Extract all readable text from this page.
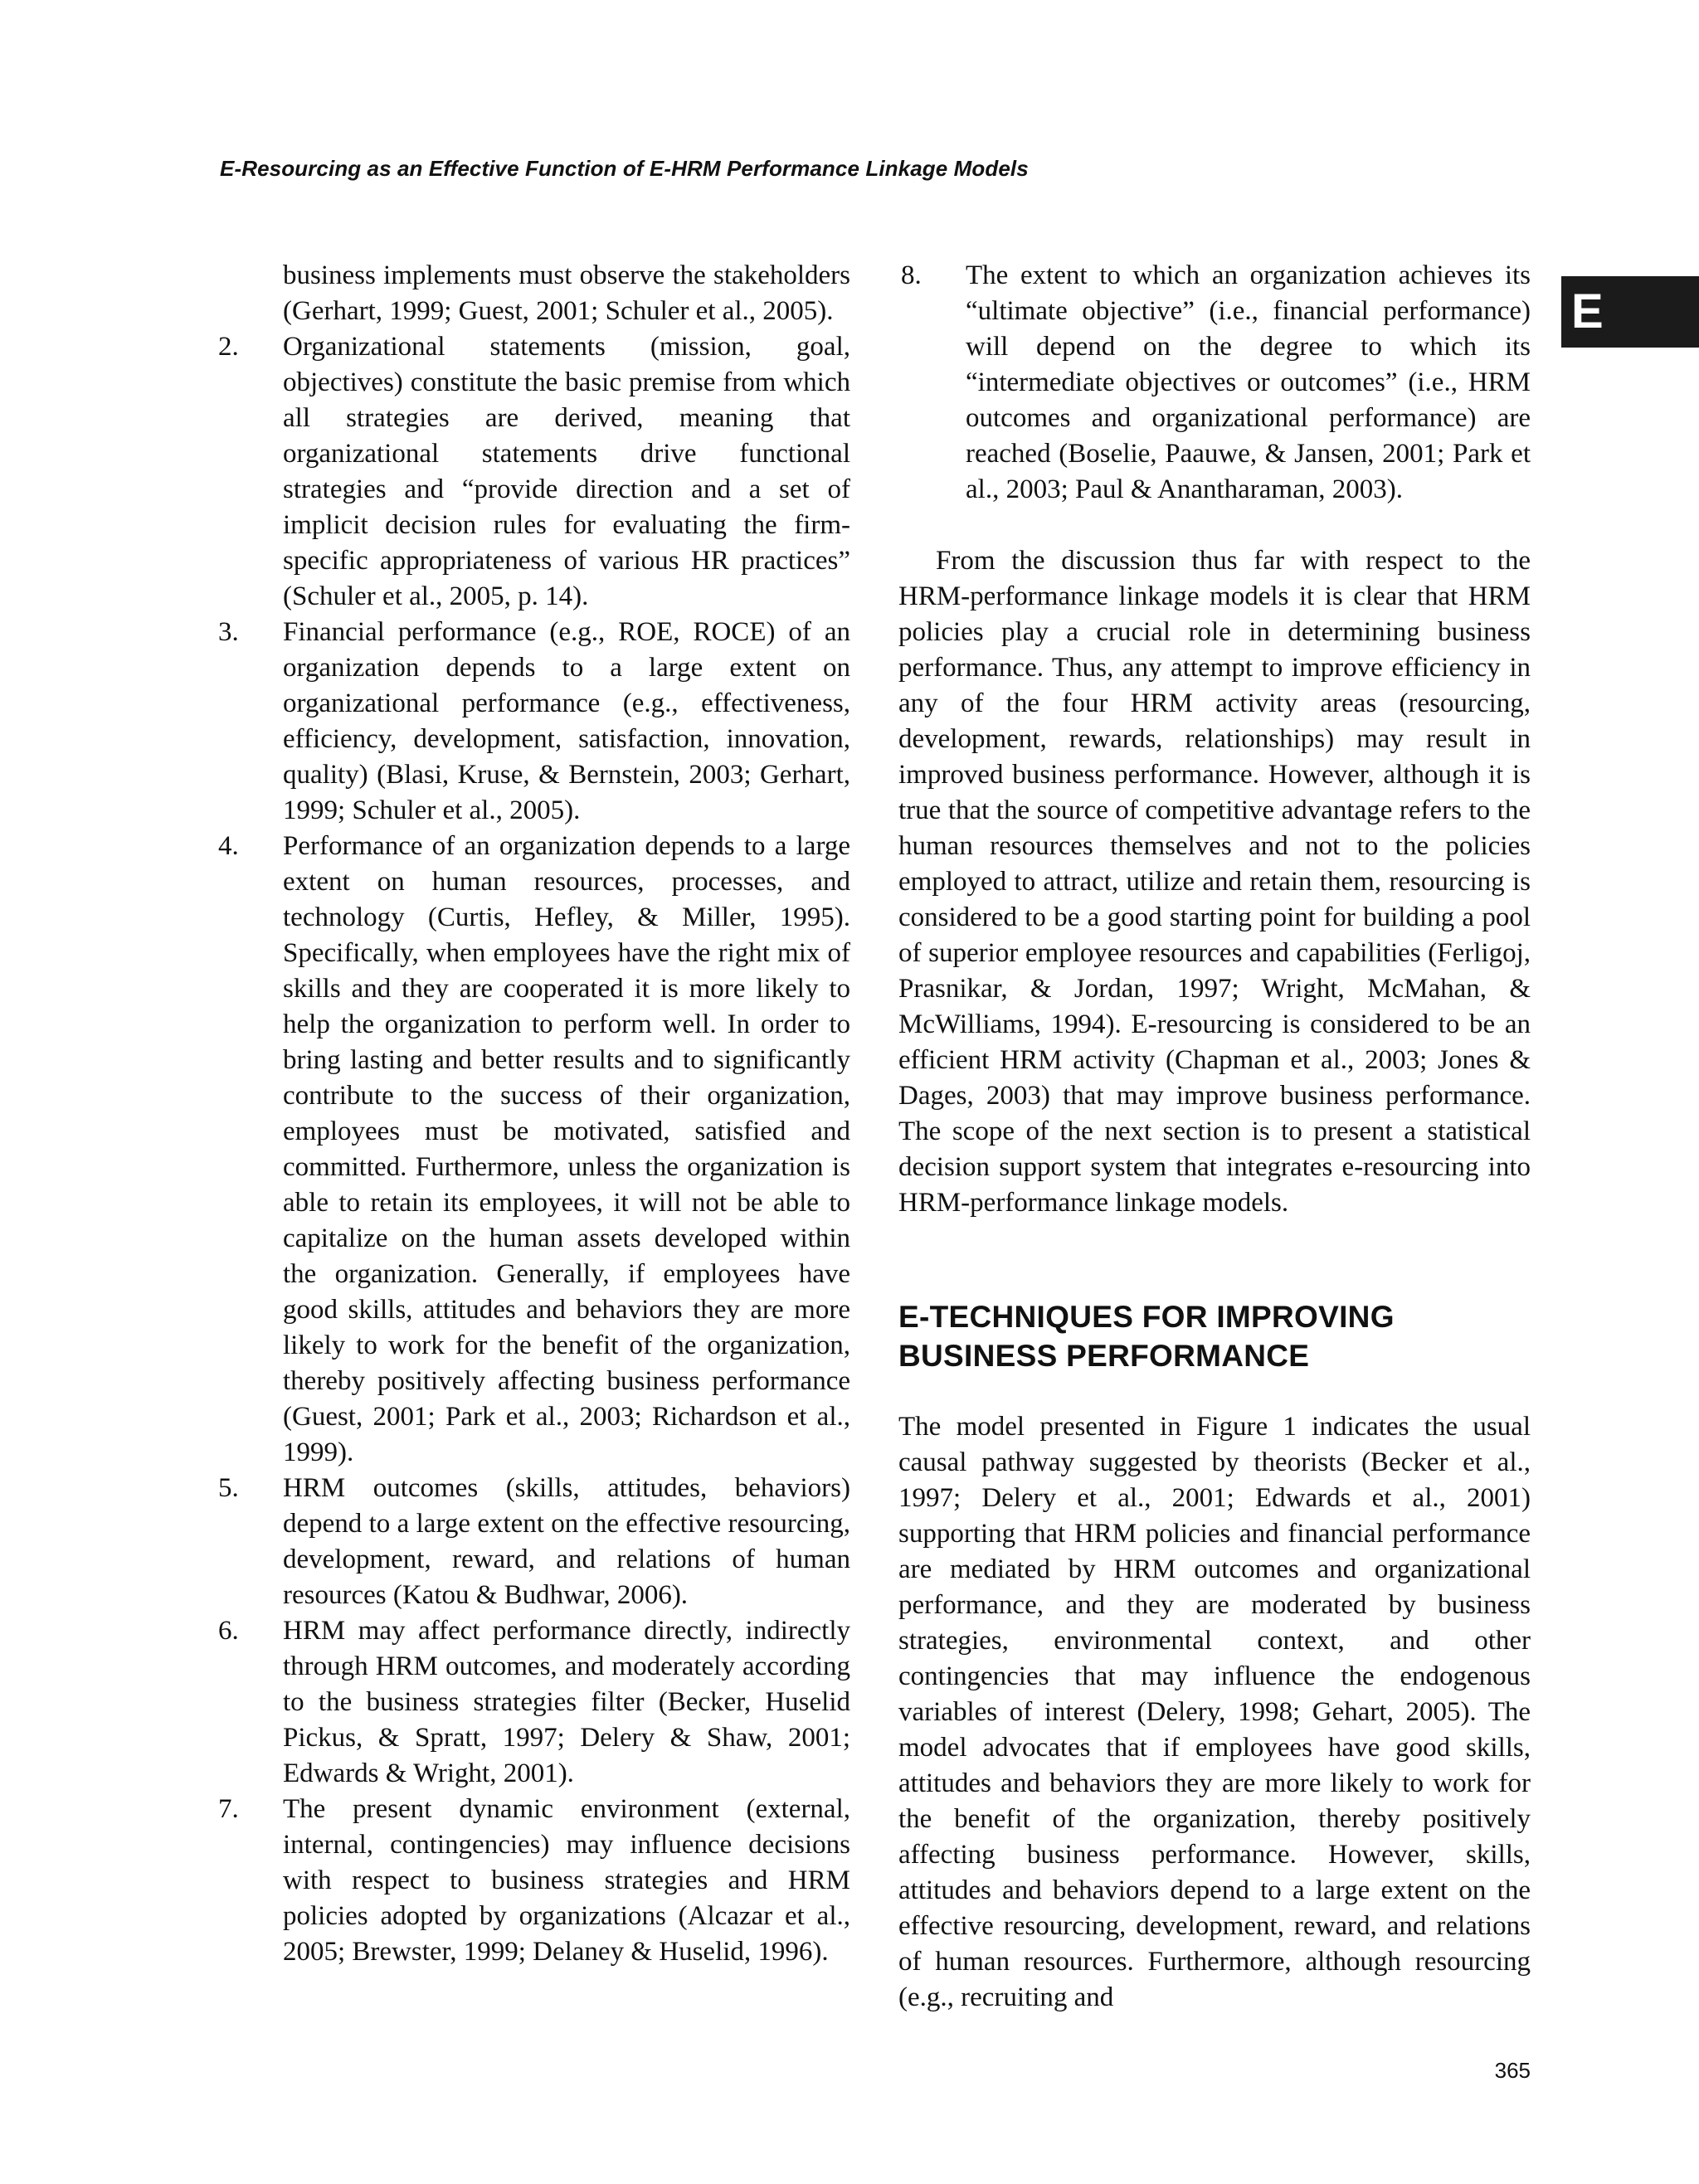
E-Resourcing as an Effective Function of E-HRM Performance Linkage Models
E
business implements must observe the stakeholders (Gerhart, 1999; Guest, 2001; Schuler et al., 2005).
2. Organizational statements (mission, goal, objectives) constitute the basic premise from which all strategies are derived, meaning that organizational statements drive functional strategies and “provide direction and a set of implicit decision rules for evaluating the firm-specific appropriateness of various HR practices” (Schuler et al., 2005, p. 14).
3. Financial performance (e.g., ROE, ROCE) of an organization depends to a large extent on organizational performance (e.g., effectiveness, efficiency, development, satisfaction, innovation, quality) (Blasi, Kruse, & Bernstein, 2003; Gerhart, 1999; Schuler et al., 2005).
4. Performance of an organization depends to a large extent on human resources, processes, and technology (Curtis, Hefley, & Miller, 1995). Specifically, when employees have the right mix of skills and they are cooperated it is more likely to help the organization to perform well. In order to bring lasting and better results and to significantly contribute to the success of their organization, employees must be motivated, satisfied and committed. Furthermore, unless the organization is able to retain its employees, it will not be able to capitalize on the human assets developed within the organization. Generally, if employees have good skills, attitudes and behaviors they are more likely to work for the benefit of the organization, thereby positively affecting business performance (Guest, 2001; Park et al., 2003; Richardson et al., 1999).
5. HRM outcomes (skills, attitudes, behaviors) depend to a large extent on the effective resourcing, development, reward, and relations of human resources (Katou & Budhwar, 2006).
6. HRM may affect performance directly, indirectly through HRM outcomes, and moderately according to the business strategies filter (Becker, Huselid Pickus, & Spratt, 1997; Delery & Shaw, 2001; Edwards & Wright, 2001).
7. The present dynamic environment (external, internal, contingencies) may influence decisions with respect to business strategies and HRM policies adopted by organizations (Alcazar et al., 2005; Brewster, 1999; Delaney & Huselid, 1996).
8. The extent to which an organization achieves its “ultimate objective” (i.e., financial performance) will depend on the degree to which its “intermediate objectives or outcomes” (i.e., HRM outcomes and organizational performance) are reached (Boselie, Paauwe, & Jansen, 2001; Park et al., 2003; Paul & Anantharaman, 2003).

From the discussion thus far with respect to the HRM-performance linkage models it is clear that HRM policies play a crucial role in determining business performance. Thus, any attempt to improve efficiency in any of the four HRM activity areas (resourcing, development, rewards, relationships) may result in improved business performance. However, although it is true that the source of competitive advantage refers to the human resources themselves and not to the policies employed to attract, utilize and retain them, resourcing is considered to be a good starting point for building a pool of superior employee resources and capabilities (Ferligoj, Prasnikar, & Jordan, 1997; Wright, McMahan, & McWilliams, 1994). E-resourcing is considered to be an efficient HRM activity (Chapman et al., 2003; Jones & Dages, 2003) that may improve business performance. The scope of the next section is to present a statistical decision support system that integrates e-resourcing into HRM-performance linkage models.

E-TECHNIQUES FOR IMPROVING
BUSINESS PERFORMANCE

The model presented in Figure 1 indicates the usual causal pathway suggested by theorists (Becker et al., 1997; Delery et al., 2001; Edwards et al., 2001) supporting that HRM policies and financial performance are mediated by HRM outcomes and organizational performance, and they are moderated by business strategies, environmental context, and other contingencies that may influence the endogenous variables of interest (Delery, 1998; Gehart, 2005). The model advocates that if employees have good skills, attitudes and behaviors they are more likely to work for the benefit of the organization, thereby positively affecting business performance. However, skills, attitudes and behaviors depend to a large extent on the effective resourcing, development, reward, and relations of human resources. Furthermore, although resourcing (e.g., recruiting and

365
